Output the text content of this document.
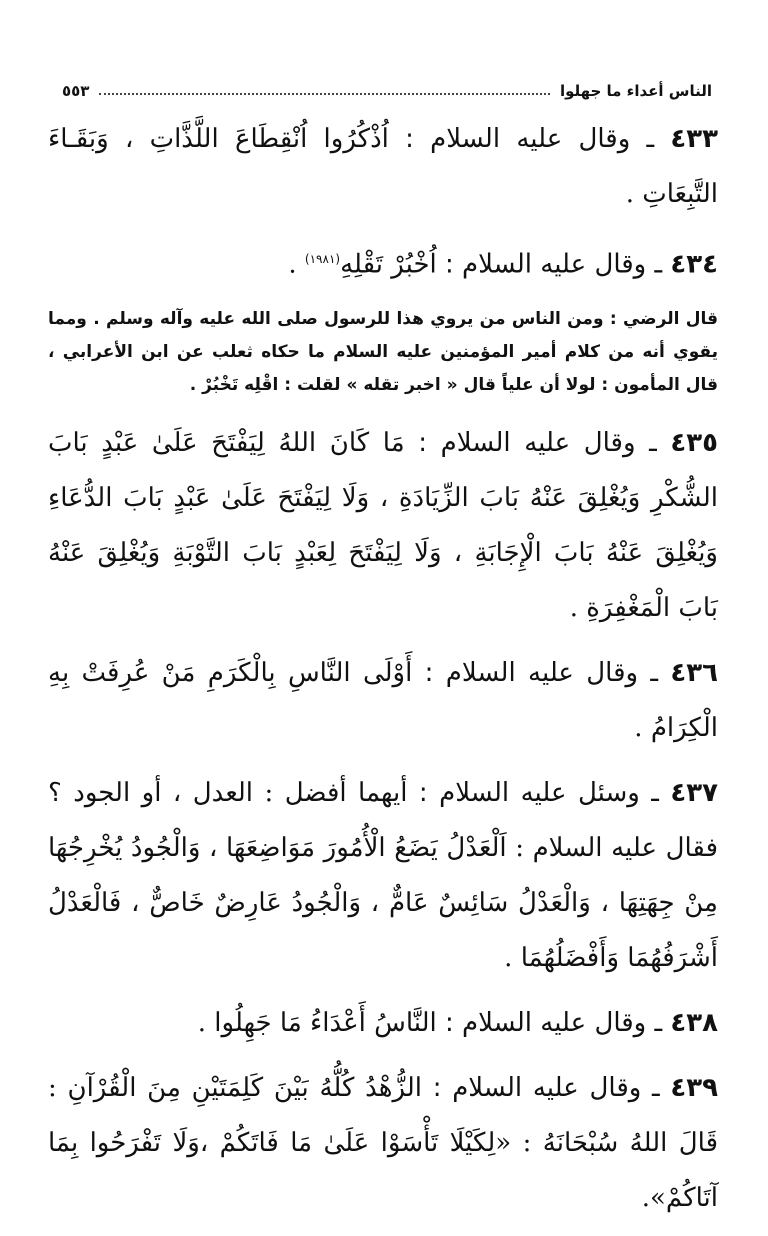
٥٥٣	الناس أعداء ما جهلوا

٤٣٣ ـ وقال عليه السلام : اُذْكُرُوا اُنْقِطَاعَ اللَّذَّاتِ ، وَبَقَـاءَ التَّبِعَاتِ .

٤٣٤ ـ وقال عليه السلام : اُخْبُرْ تَقْلِهِ$^{(١٩٨١)}$ .

قال الرضي : ومن الناس من يروي هذا للرسول صلى الله عليه وآله وسلم . ومما يقوي أنه من كلام أمير المؤمنين عليه السلام ما حكاه ثعلب عن ابن الأعرابي ، قال المأمون : لولا أن علياً قال « اخبر تقله » لقلت : اقْلِه تَخْبُرْ .

٤٣٥ ـ وقال عليه السلام : مَا كَانَ اللهُ لِيَفْتَحَ عَلَىٰ عَبْدٍ بَابَ الشُّكْرِ وَيُغْلِقَ عَنْهُ بَابَ الزِّيَادَةِ ، وَلَا لِيَفْتَحَ عَلَىٰ عَبْدٍ بَابَ الدُّعَاءِ وَيُغْلِقَ عَنْهُ بَابَ الْإِجَابَةِ ، وَلَا لِيَفْتَحَ لِعَبْدٍ بَابَ التَّوْبَةِ وَيُغْلِقَ عَنْهُ بَابَ الْمَغْفِرَةِ .

٤٣٦ ـ وقال عليه السلام : أَوْلَى النَّاسِ بِالْكَرَمِ مَنْ عُرِفَتْ بِهِ الْكِرَامُ .

٤٣٧ ـ وسئل عليه السلام : أيهما أفضل : العدل ، أو الجود ؟ فقال عليه السلام : اَلْعَدْلُ يَضَعُ الْأُمُورَ مَوَاضِعَهَا ، وَالْجُودُ يُخْرِجُهَا مِنْ جِهَتِهَا ، وَالْعَدْلُ سَائِسٌ عَامٌّ ، وَالْجُودُ عَارِضٌ خَاصٌّ ، فَالْعَدْلُ أَشْرَفُهُمَا وَأَفْضَلُهُمَا .

٤٣٨ ـ وقال عليه السلام : النَّاسُ أَعْدَاءُ مَا جَهِلُوا .

٤٣٩ ـ وقال عليه السلام : الزُّهْدُ كُلُّهُ بَيْنَ كَلِمَتَيْنِ مِنَ الْقُرْآنِ : قَالَ اللهُ سُبْحَانَهُ : «لِكَيْلَا تَأْسَوْا عَلَىٰ مَا فَاتَكُمْ ،وَلَا تَفْرَحُوا بِمَا آتَاكُمْ».
